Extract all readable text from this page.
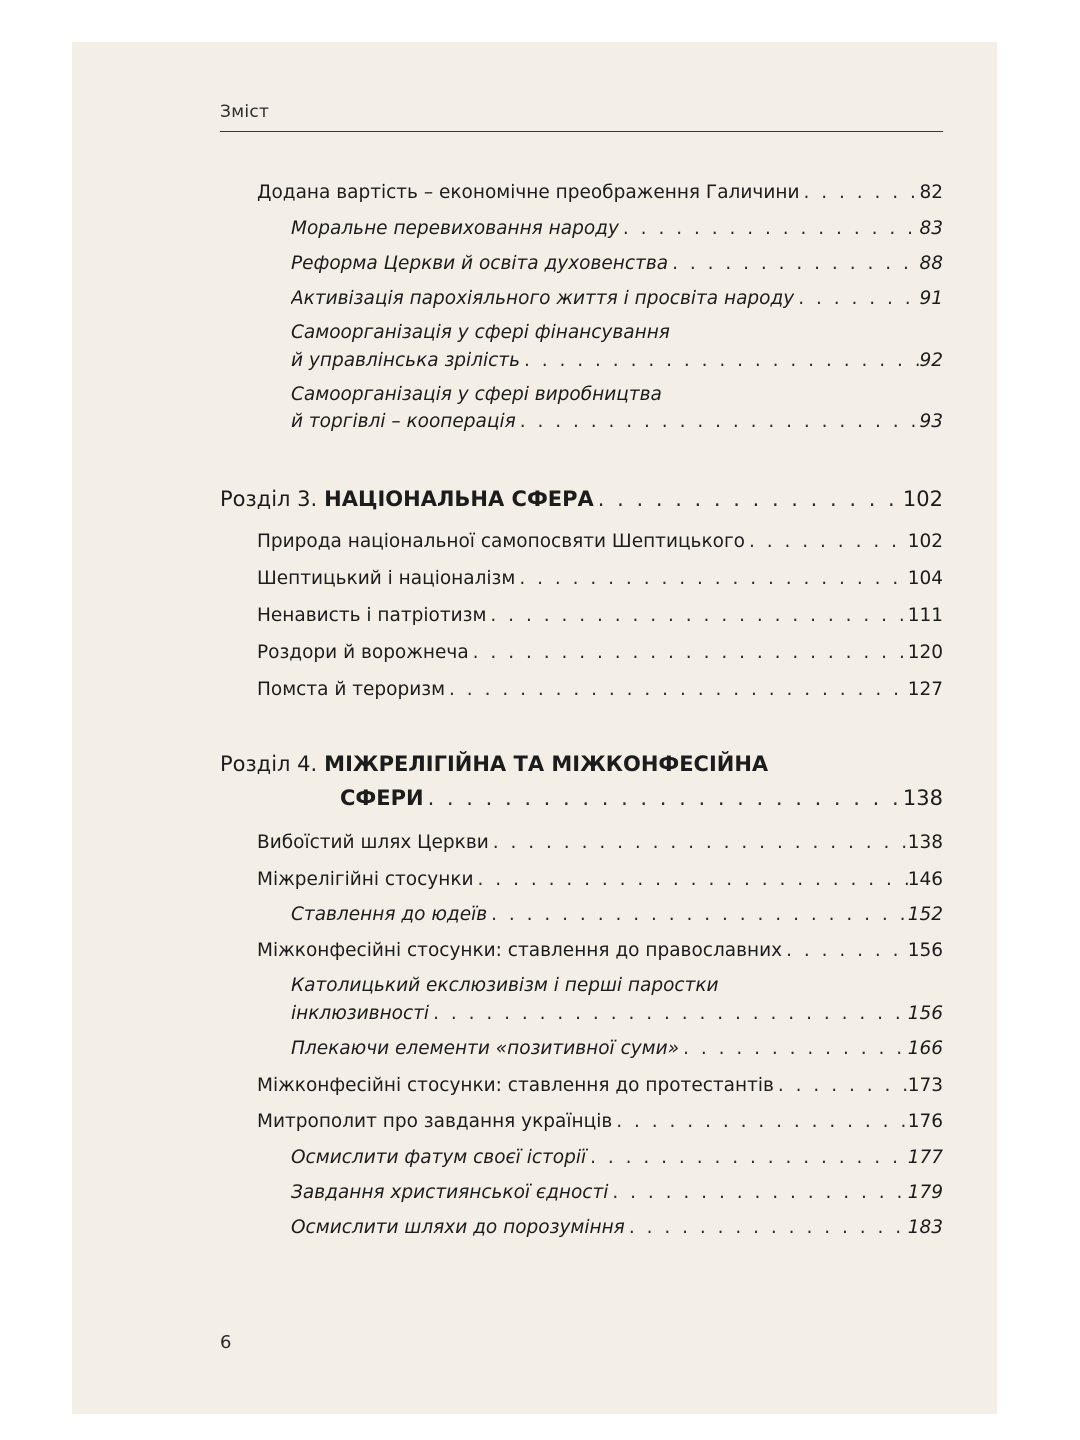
Зміст
Додана вартість – економічне преображення Галичини . . .	82
Моральне перевиховання народу . . .	83
Реформа Церкви й освіта духовенства . . .	88
Активізація парохіяльного життя і просвіта народу . . .	91
Самоорганізація у сфері фінансування
й управлінська зрілість . . .	92
Самоорганізація у сфері виробництва
й торгівлі – кооперація . . .	93
Розділ 3. НАЦІОНАЛЬНА СФЕРА . . .	102
Природа національної самопосвяти Шептицького . . .	102
Шептицький і націоналізм . . .	104
Ненависть і патріотизм . . .	111
Роздори й ворожнеча . . .	120
Помста й тероризм . . .	127
Розділ 4. МІЖРЕЛІГІЙНА ТА МІЖКОНФЕСІЙНА
СФЕРИ . . .	138
Вибоїстий шлях Церкви . . .	138
Міжрелігійні стосунки . . .	146
Ставлення до юдеїв . . .	152
Міжконфесійні стосунки: ставлення до православних . . .	156
Католицький екслюзивізм і перші паростки
інклюзивності . . .	156
Плекаючи елементи «позитивної суми» . . .	166
Міжконфесійні стосунки: ставлення до протестантів . . .	173
Митрополит про завдання українців . . .	176
Осмислити фатум своєї історії . . .	177
Завдання християнської єдності . . .	179
Осмислити шляхи до порозуміння . . .	183
6
